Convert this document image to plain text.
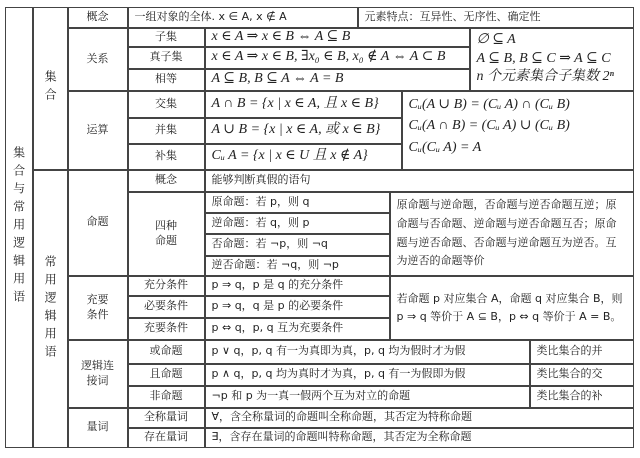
集合与常用逻辑用语
集合
常用逻辑用语
概念	一组对象的全体. x ∈ A, x ∉ A	元素特点：互异性、无序性、确定性
关系
子集	x ∈ A ⇒ x ∈ B ⇔ A ⊆ B
真子集	x ∈ A ⇒ x ∈ B, ∃x₀ ∈ B, x₀ ∉ A ⇔ A ⊂ B
相等	A ⊆ B, B ⊆ A ⇔ A = B
∅ ⊆ A
A ⊆ B, B ⊆ C ⇒ A ⊆ C
n 个元素集合子集数 2ⁿ
运算
交集	A ∩ B = {x | x ∈ A, 且 x ∈ B}
并集	A ∪ B = {x | x ∈ A, 或 x ∈ B}
补集	Cᵤ A = {x | x ∈ U 且 x ∉ A}
Cᵤ(A ∪ B) = (Cᵤ A) ∩ (Cᵤ B)
Cᵤ(A ∩ B) = (Cᵤ A) ∪ (Cᵤ B)
Cᵤ(Cᵤ A) = A
命题
概念	能够判断真假的语句
四种命题
原命题：若 p，则 q
逆命题：若 q，则 p
否命题：若 ¬p，则 ¬q
逆否命题：若 ¬q，则 ¬p
原命题与逆命题，否命题与逆否命题互逆；原命题与否命题、逆命题与逆否命题互否；原命题与逆否命题、否命题与逆命题互为逆否。互为逆否的命题等价
充要条件
充分条件	p ⇒ q，p 是 q 的充分条件
必要条件	p ⇒ q，q 是 p 的必要条件
充要条件	p ⇔ q，p, q 互为充要条件
若命题 p 对应集合 A，命题 q 对应集合 B，则 p ⇒ q 等价于 A ⊆ B，p ⇔ q 等价于 A = B。
逻辑连接词
或命题	p ∨ q，p, q 有一为真即为真，p, q 均为假时才为假	类比集合的并
且命题	p ∧ q，p, q 均为真时才为真，p, q 有一为假即为假	类比集合的交
非命题	¬p 和 p 为一真一假两个互为对立的命题	类比集合的补
量词
全称量词	∀，含全称量词的命题叫全称命题，其否定为特称命题
存在量词	∃，含存在量词的命题叫特称命题，其否定为全称命题
